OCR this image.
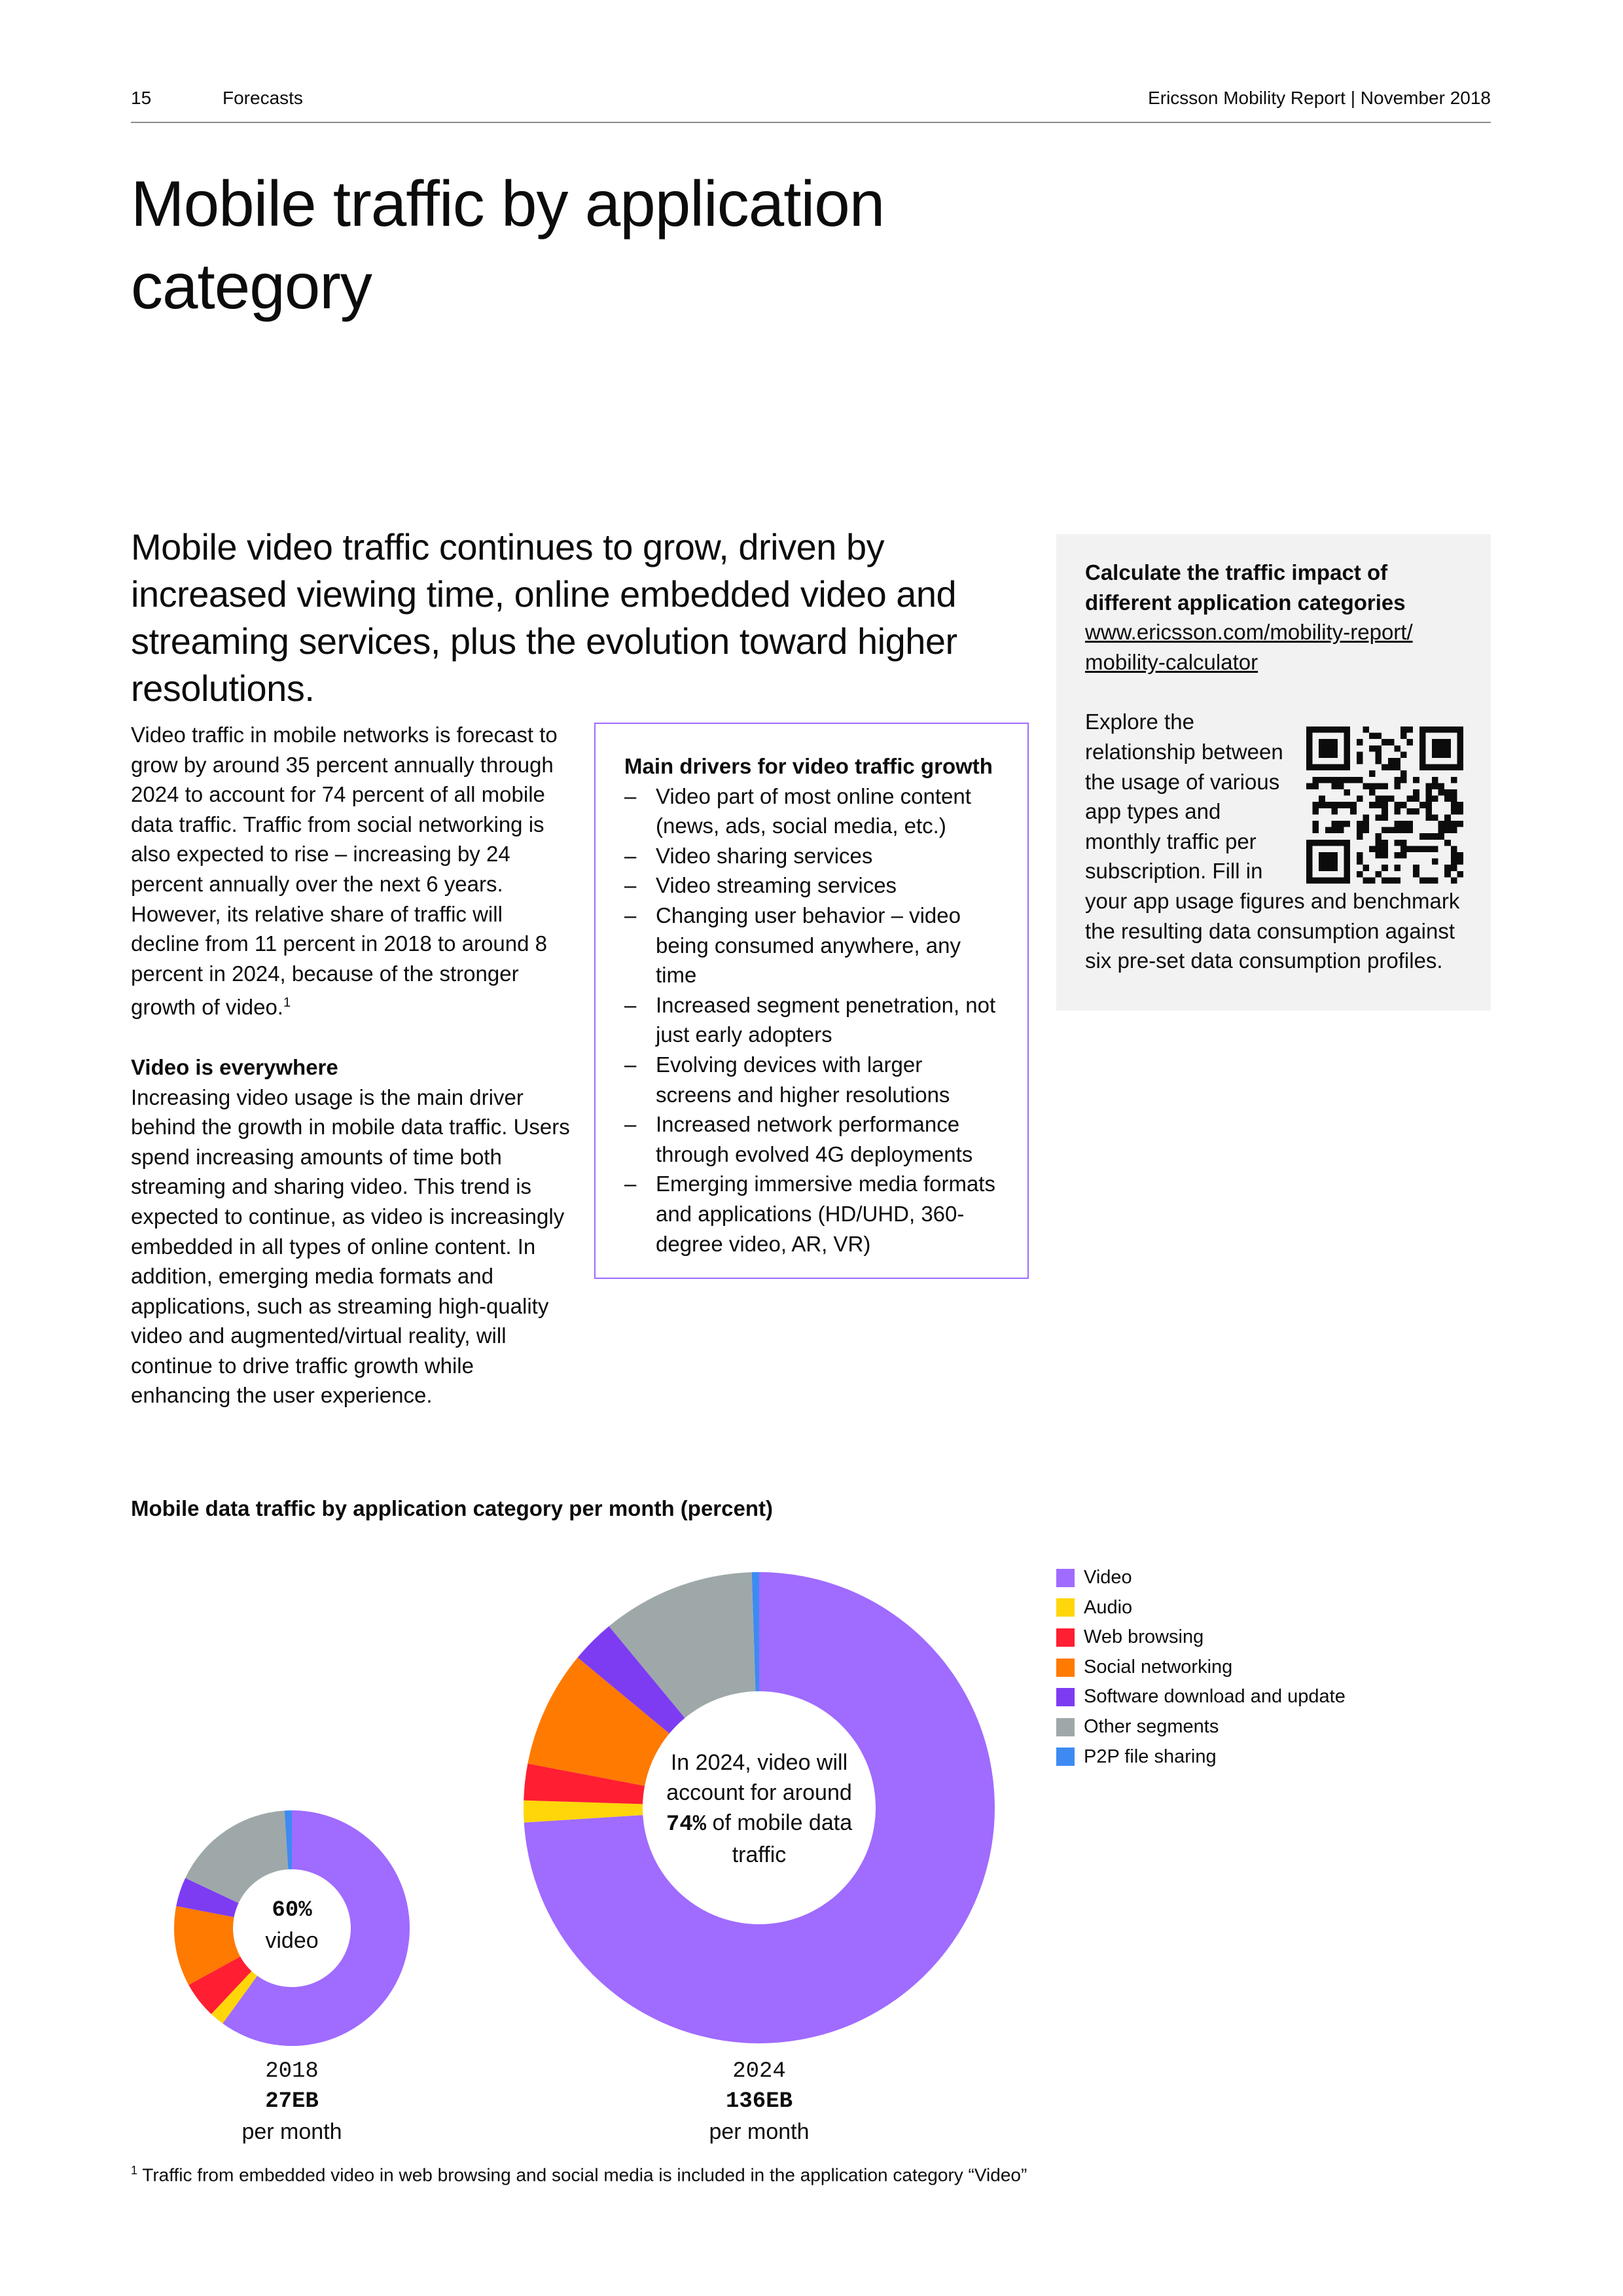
15	Forecasts	Ericsson Mobility Report | November 2018
Mobile traffic by application category
Mobile video traffic continues to grow, driven by increased viewing time, online embedded video and streaming services, plus the evolution toward higher resolutions.

Video traffic in mobile networks is forecast to grow by around 35 percent annually through 2024 to account for 74 percent of all mobile data traffic. Traffic from social networking is also expected to rise – increasing by 24 percent annually over the next 6 years. However, its relative share of traffic will decline from 11 percent in 2018 to around 8 percent in 2024, because of the stronger growth of video.$^1$

Video is everywhere

Increasing video usage is the main driver behind the growth in mobile data traffic. Users spend increasing amounts of time both streaming and sharing video. This trend is expected to continue, as video is increasingly embedded in all types of online content. In addition, emerging media formats and applications, such as streaming high-quality video and augmented/virtual reality, will continue to drive traffic growth while enhancing the user experience.

Main drivers for video traffic growth
– Video part of most online content (news, ads, social media, etc.)
– Video sharing services
– Video streaming services
– Changing user behavior – video being consumed anywhere, any time
– Increased segment penetration, not just early adopters
– Evolving devices with larger screens and higher resolutions
– Increased network performance through evolved 4G deployments
– Emerging immersive media formats and applications (HD/UHD, 360-degree video, AR, VR)
Calculate the traffic impact of different application categories
www.ericsson.com/mobility-report/ mobility-calculator
Explore the relationship between the usage of various app types and monthly traffic per subscription. Fill in
your app usage figures and benchmark the resulting data consumption against six pre-set data consumption profiles.
Mobile data traffic by application category per month (percent)
60%
video
2018
27EB
per month
In 2024, video will account for around 74% of mobile data traffic
2024
136EB
per month
Video
Audio
Web browsing
Social networking
Software download and update
Other segments
P2P file sharing
$^1$ Traffic from embedded video in web browsing and social media is included in the application category “Video”
